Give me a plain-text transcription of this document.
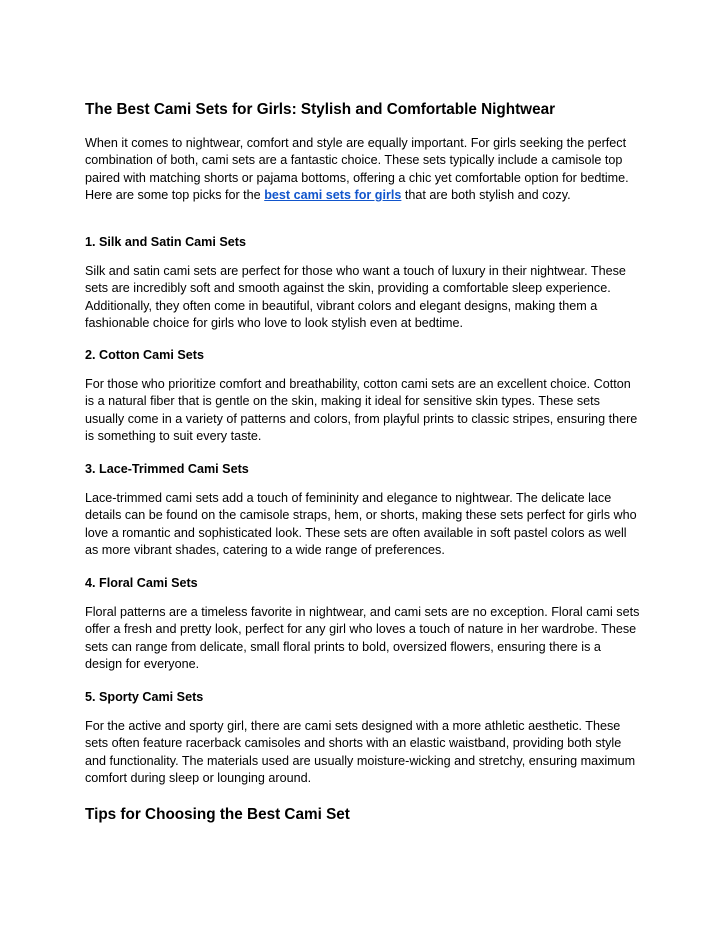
The Best Cami Sets for Girls: Stylish and Comfortable Nightwear

When it comes to nightwear, comfort and style are equally important. For girls seeking the perfect combination of both, cami sets are a fantastic choice. These sets typically include a camisole top paired with matching shorts or pajama bottoms, offering a chic yet comfortable option for bedtime. Here are some top picks for the best cami sets for girls that are both stylish and cozy.

1. Silk and Satin Cami Sets

Silk and satin cami sets are perfect for those who want a touch of luxury in their nightwear. These sets are incredibly soft and smooth against the skin, providing a comfortable sleep experience. Additionally, they often come in beautiful, vibrant colors and elegant designs, making them a fashionable choice for girls who love to look stylish even at bedtime.

2. Cotton Cami Sets

For those who prioritize comfort and breathability, cotton cami sets are an excellent choice. Cotton is a natural fiber that is gentle on the skin, making it ideal for sensitive skin types. These sets usually come in a variety of patterns and colors, from playful prints to classic stripes, ensuring there is something to suit every taste.

3. Lace-Trimmed Cami Sets

Lace-trimmed cami sets add a touch of femininity and elegance to nightwear. The delicate lace details can be found on the camisole straps, hem, or shorts, making these sets perfect for girls who love a romantic and sophisticated look. These sets are often available in soft pastel colors as well as more vibrant shades, catering to a wide range of preferences.

4. Floral Cami Sets

Floral patterns are a timeless favorite in nightwear, and cami sets are no exception. Floral cami sets offer a fresh and pretty look, perfect for any girl who loves a touch of nature in her wardrobe. These sets can range from delicate, small floral prints to bold, oversized flowers, ensuring there is a design for everyone.

5. Sporty Cami Sets

For the active and sporty girl, there are cami sets designed with a more athletic aesthetic. These sets often feature racerback camisoles and shorts with an elastic waistband, providing both style and functionality. The materials used are usually moisture-wicking and stretchy, ensuring maximum comfort during sleep or lounging around.

Tips for Choosing the Best Cami Set
